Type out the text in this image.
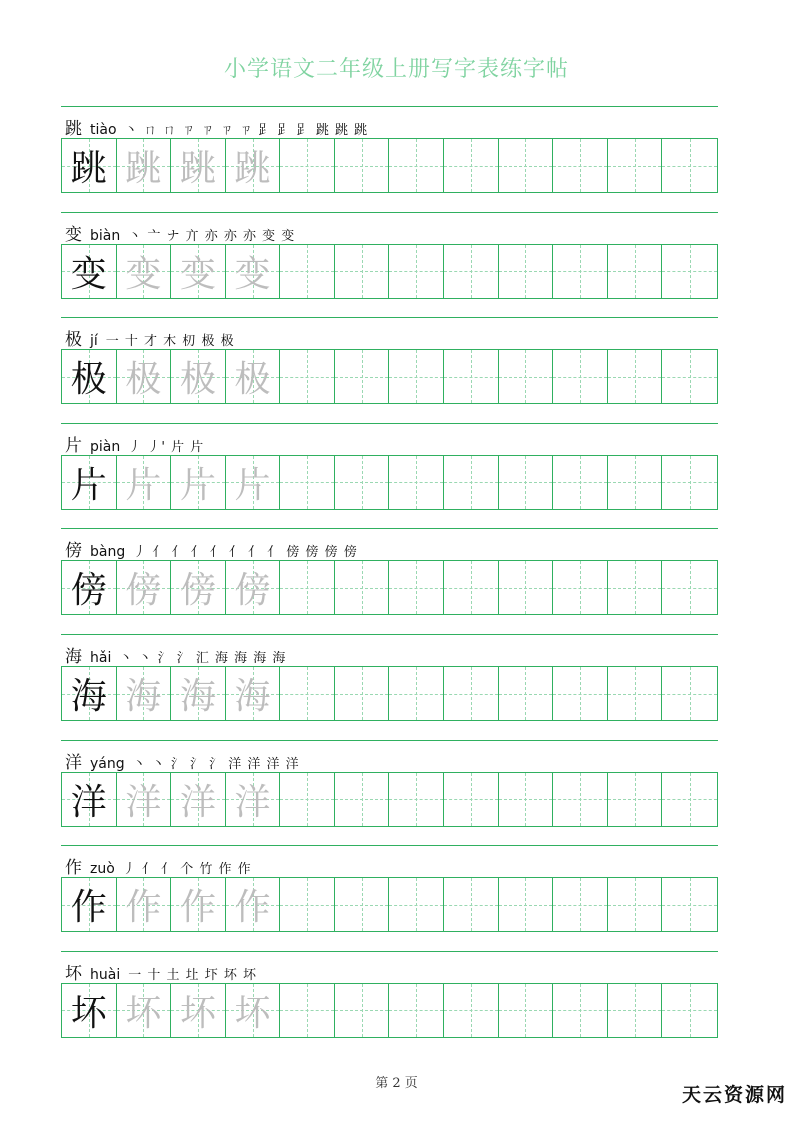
小学语文二年级上册写字表练字帖
跳 tiào 丶 ㄇ ㄇ ㄗ ㄗ ㄗ ㄗ 𧾷 𧾷 𧾷 跳 跳 跳
跳 跳 跳 跳
变 biàn 丶 亠 ナ 亣 亦 亦 亦 变 变
变 变 变 变
极 jí 一 十 才 木 朷 极 极
极 极 极 极
片 piàn 丿 丿' 片 片
片 片 片 片
傍 bàng 丿 亻 亻 亻 亻 亻 亻 亻 傍 傍 傍 傍
傍 傍 傍 傍
海 hǎi 丶 丶 氵 氵 汇 海 海 海 海
海 海 海 海
洋 yáng 丶 丶 氵 氵 氵 洋 洋 洋 洋
洋 洋 洋 洋
作 zuò 丿 亻 亻 个 竹 作 作
作 作 作 作
坏 huài 一 十 土 圵 圷 坏 坏
坏 坏 坏 坏
第 2 页
天云资源网
